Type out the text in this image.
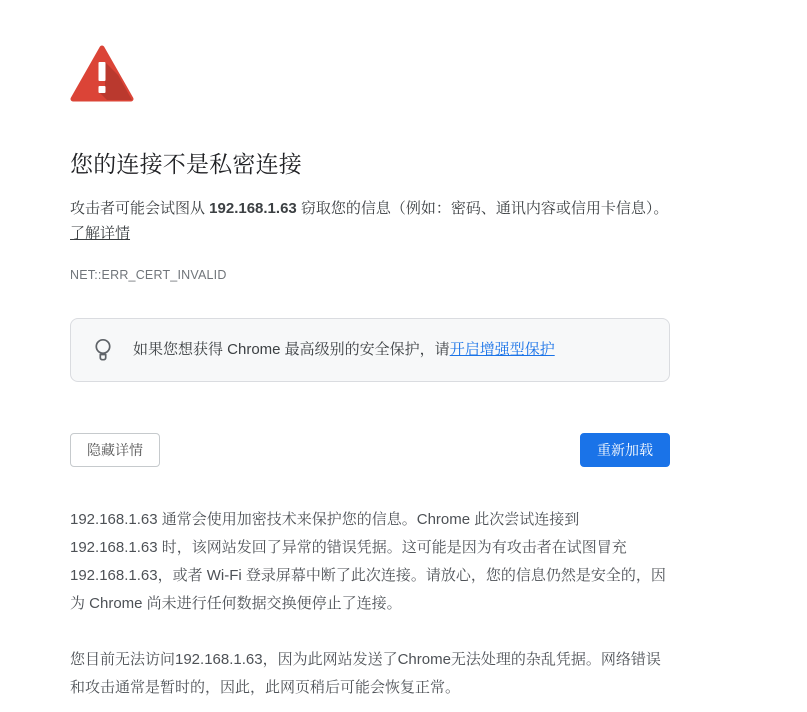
您的连接不是私密连接

攻击者可能会试图从 192.168.1.63 窃取您的信息（例如：密码、通讯内容或信用卡信息）。了解详情

NET::ERR_CERT_INVALID
如果您想获得 Chrome 最高级别的安全保护，请开启增强型保护
隐藏详情	重新加载

192.168.1.63 通常会使用加密技术来保护您的信息。Chrome 此次尝试连接到 192.168.1.63 时，该网站发回了异常的错误凭据。这可能是因为有攻击者在试图冒充 192.168.1.63，或者 Wi-Fi 登录屏幕中断了此次连接。请放心，您的信息仍然是安全的，因为 Chrome 尚未进行任何数据交换便停止了连接。

您目前无法访问192.168.1.63，因为此网站发送了Chrome无法处理的杂乱凭据。网络错误和攻击通常是暂时的，因此，此网页稍后可能会恢复正常。
